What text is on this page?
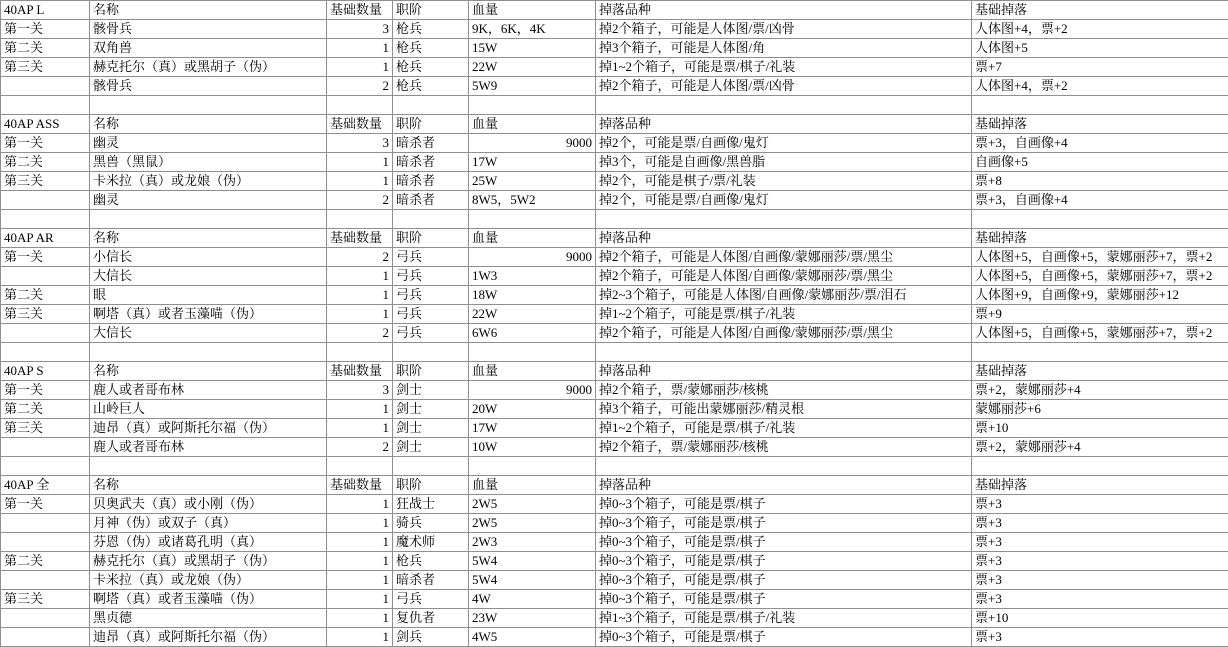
40AP L	名称	基础数量	职阶	血量	掉落品种	基础掉落
第一关	骸骨兵	3	枪兵	9K，6K，4K	掉2个箱子，可能是人体图/票/凶骨	人体图+4，票+2
第二关	双角兽	1	枪兵	15W	掉3个箱子，可能是人体图/角	人体图+5
第三关	赫克托尔（真）或黑胡子（伪）	1	枪兵	22W	掉1~2个箱子，可能是票/棋子/礼装	票+7
	骸骨兵	2	枪兵	5W9	掉2个箱子，可能是人体图/票/凶骨	人体图+4，票+2

40AP ASS	名称	基础数量	职阶	血量	掉落品种	基础掉落
第一关	幽灵	3	暗杀者	9000	掉2个，可能是票/自画像/鬼灯	票+3，自画像+4
第二关	黑兽（黑鼠）	1	暗杀者	17W	掉3个，可能是自画像/黑兽脂	自画像+5
第三关	卡米拉（真）或龙娘（伪）	1	暗杀者	25W	掉2个，可能是棋子/票/礼装	票+8
	幽灵	2	暗杀者	8W5，5W2	掉2个，可能是票/自画像/鬼灯	票+3，自画像+4

40AP AR	名称	基础数量	职阶	血量	掉落品种	基础掉落
第一关	小信长	2	弓兵	9000	掉2个箱子，可能是人体图/自画像/蒙娜丽莎/票/黑尘	人体图+5，自画像+5，蒙娜丽莎+7，票+2
	大信长	1	弓兵	1W3	掉2个箱子，可能是人体图/自画像/蒙娜丽莎/票/黑尘	人体图+5，自画像+5，蒙娜丽莎+7，票+2
第二关	眼	1	弓兵	18W	掉2~3个箱子，可能是人体图/自画像/蒙娜丽莎/票/泪石	人体图+9，自画像+9，蒙娜丽莎+12
第三关	啊塔（真）或者玉藻喵（伪）	1	弓兵	22W	掉1~2个箱子，可能是票/棋子/礼装	票+9
	大信长	2	弓兵	6W6	掉2个箱子，可能是人体图/自画像/蒙娜丽莎/票/黑尘	人体图+5，自画像+5，蒙娜丽莎+7，票+2

40AP S	名称	基础数量	职阶	血量	掉落品种	基础掉落
第一关	鹿人或者哥布林	3	剑士	9000	掉2个箱子，票/蒙娜丽莎/核桃	票+2，蒙娜丽莎+4
第二关	山岭巨人	1	剑士	20W	掉3个箱子，可能出蒙娜丽莎/精灵根	蒙娜丽莎+6
第三关	迪昂（真）或阿斯托尔福（伪）	1	剑士	17W	掉1~2个箱子，可能是票/棋子/礼装	票+10
	鹿人或者哥布林	2	剑士	10W	掉2个箱子，票/蒙娜丽莎/核桃	票+2，蒙娜丽莎+4

40AP 全	名称	基础数量	职阶	血量	掉落品种	基础掉落
第一关	贝奥武夫（真）或小刚（伪）	1	狂战士	2W5	掉0~3个箱子，可能是票/棋子	票+3
	月神（伪）或双子（真）	1	骑兵	2W5	掉0~3个箱子，可能是票/棋子	票+3
	芬恩（伪）或诸葛孔明（真）	1	魔术师	2W3	掉0~3个箱子，可能是票/棋子	票+3
第二关	赫克托尔（真）或黑胡子（伪）	1	枪兵	5W4	掉0~3个箱子，可能是票/棋子	票+3
	卡米拉（真）或龙娘（伪）	1	暗杀者	5W4	掉0~3个箱子，可能是票/棋子	票+3
第三关	啊塔（真）或者玉藻喵（伪）	1	弓兵	4W	掉0~3个箱子，可能是票/棋子	票+3
	黑贞德	1	复仇者	23W	掉1~3个箱子，可能是票/棋子/礼装	票+10
	迪昂（真）或阿斯托尔福（伪）	1	剑兵	4W5	掉0~3个箱子，可能是票/棋子	票+3
